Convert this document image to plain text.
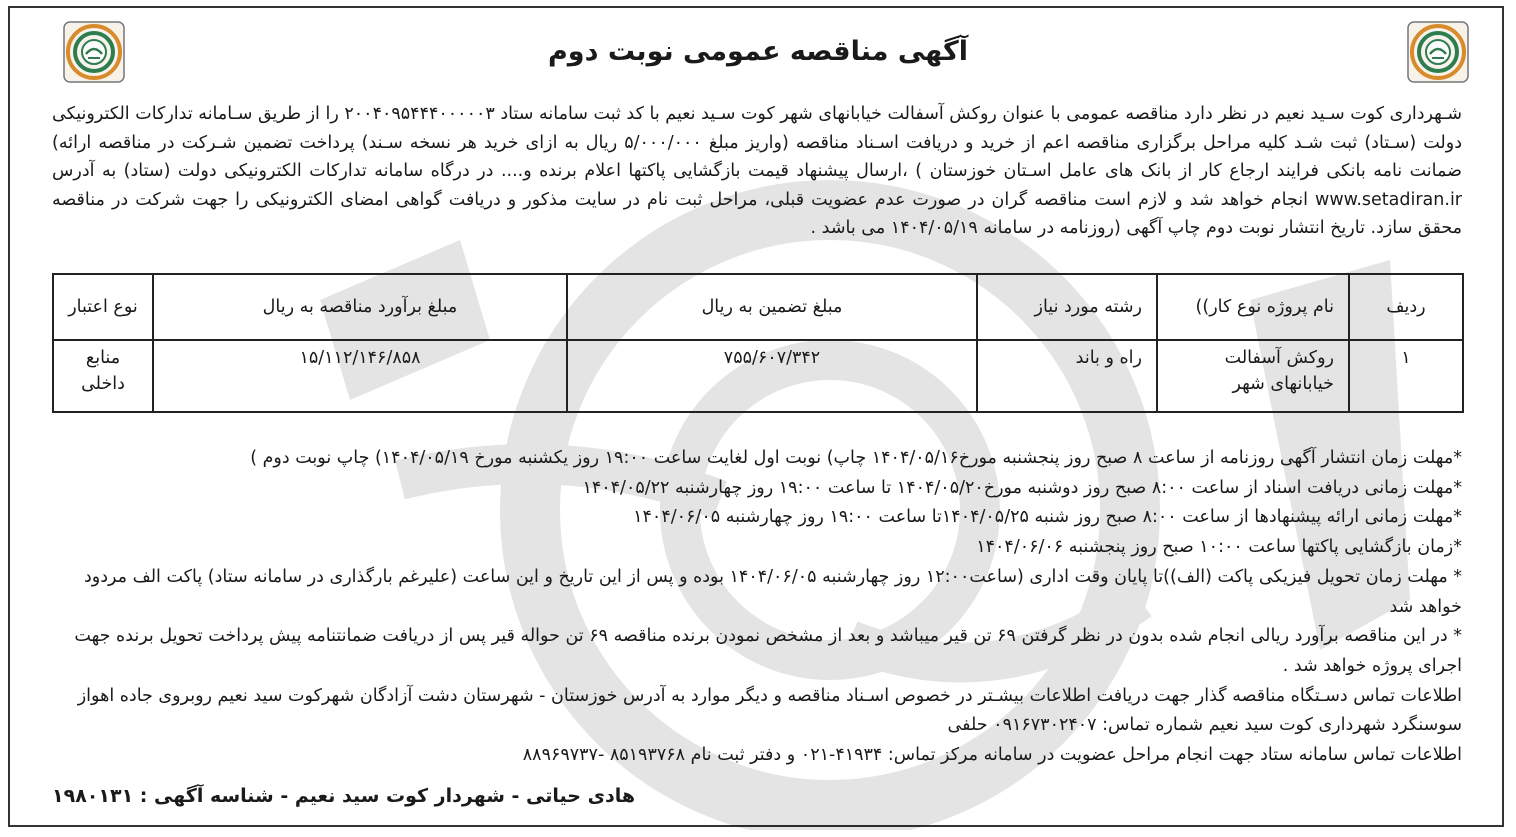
آگهی مناقصه عمومی نوبت دوم
شـهرداری کوت سـید نعیم در نظر دارد مناقصه عمومی با عنوان روکش آسفالت خیابانهای شهر کوت سـید نعیم با کد ثبت سامانه ستاد ۲۰۰۴۰۹۵۴۴۴۰۰۰۰۰۳ را از طریق سـامانه تدارکات الکترونیکی دولت (سـتاد) ثبت شـد کلیه مراحل برگزاری مناقصه اعم از خرید و دریافت اسـناد مناقصه (واریز مبلغ ۵/۰۰۰/۰۰۰ ریال به ازای خرید هر نسخه سـند) پرداخت تضمین شـرکت در مناقصه ارائه) ضمانت نامه بانکی فرایند ارجاع کار از بانک های عامل اسـتان خوزستان ) ،ارسال پیشنهاد قیمت بازگشایی پاکتها اعلام برنده و.... در درگاه سامانه تدارکات الکترونیکی دولت (ستاد) به آدرس www.setadiran.ir انجام خواهد شد و لازم است مناقصه گران در صورت عدم عضویت قبلی، مراحل ثبت نام در سایت مذکور و دریافت گواهی امضای الکترونیکی را جهت شرکت در مناقصه محقق سازد. تاریخ انتشار نوبت دوم چاپ آگهی (روزنامه در سامانه ۱۴۰۴/۰۵/۱۹ می باشد .
ردیف	نام پروژه نوع کار))	رشته مورد نیاز	مبلغ تضمین به ریال	مبلغ برآورد مناقصه به ریال	نوع اعتبار
۱	روکش آسفالت خیابانهای شهر	راه و باند	۷۵۵/۶۰۷/۳۴۲	۱۵/۱۱۲/۱۴۶/۸۵۸	منابع داخلی

*مهلت زمان انتشار آگهی روزنامه از ساعت ۸ صبح روز پنجشنبه مورخ۱۴۰۴/۰۵/۱۶ چاپ) نوبت اول لغایت ساعت ۱۹:۰۰ روز یکشنبه مورخ ۱۴۰۴/۰۵/۱۹) چاپ نوبت دوم )

*مهلت زمانی دریافت اسناد از ساعت ۸:۰۰ صبح روز دوشنبه مورخ۱۴۰۴/۰۵/۲۰ تا ساعت ۱۹:۰۰ روز چهارشنبه ۱۴۰۴/۰۵/۲۲

*مهلت زمانی ارائه پیشنهادها از ساعت ۸:۰۰ صبح روز شنبه ۱۴۰۴/۰۵/۲۵تا ساعت ۱۹:۰۰ روز چهارشنبه ۱۴۰۴/۰۶/۰۵

*زمان بازگشایی پاکتها ساعت ۱۰:۰۰ صبح روز پنجشنبه ۱۴۰۴/۰۶/۰۶

* مهلت زمان تحویل فیزیکی پاکت (الف))تا پایان وقت اداری (ساعت۱۲:۰۰ روز چهارشنبه ۱۴۰۴/۰۶/۰۵ بوده و پس از این تاریخ و این ساعت (علیرغم بارگذاری در سامانه ستاد) پاکت الف مردود خواهد شد

* در این مناقصه برآورد ریالی انجام شده بدون در نظر گرفتن ۶۹ تن قیر میباشد و بعد از مشخص نمودن برنده مناقصه ۶۹ تن حواله قیر پس از دریافت ضمانتنامه پیش پرداخت تحویل برنده جهت اجرای پروژه خواهد شد .

اطلاعات تماس دسـتگاه مناقصه گذار جهت دریافت اطلاعات بیشـتر در خصوص اسـناد مناقصه و دیگر موارد به آدرس خوزستان - شهرستان دشت آزادگان شهرکوت سید نعیم روبروی جاده اهواز سوسنگرد شهرداری کوت سید نعیم شماره تماس: ۰۹۱۶۷۳۰۲۴۰۷ حلفی

اطلاعات تماس سامانه ستاد جهت انجام مراحل عضویت در سامانه مرکز تماس: ۴۱۹۳۴-۰۲۱ و دفتر ثبت نام ۸۵۱۹۳۷۶۸ -۸۸۹۶۹۷۳۷

هادی حیاتی - شهردار کوت سید نعیم - شناسه آگهی : ۱۹۸۰۱۳۱
